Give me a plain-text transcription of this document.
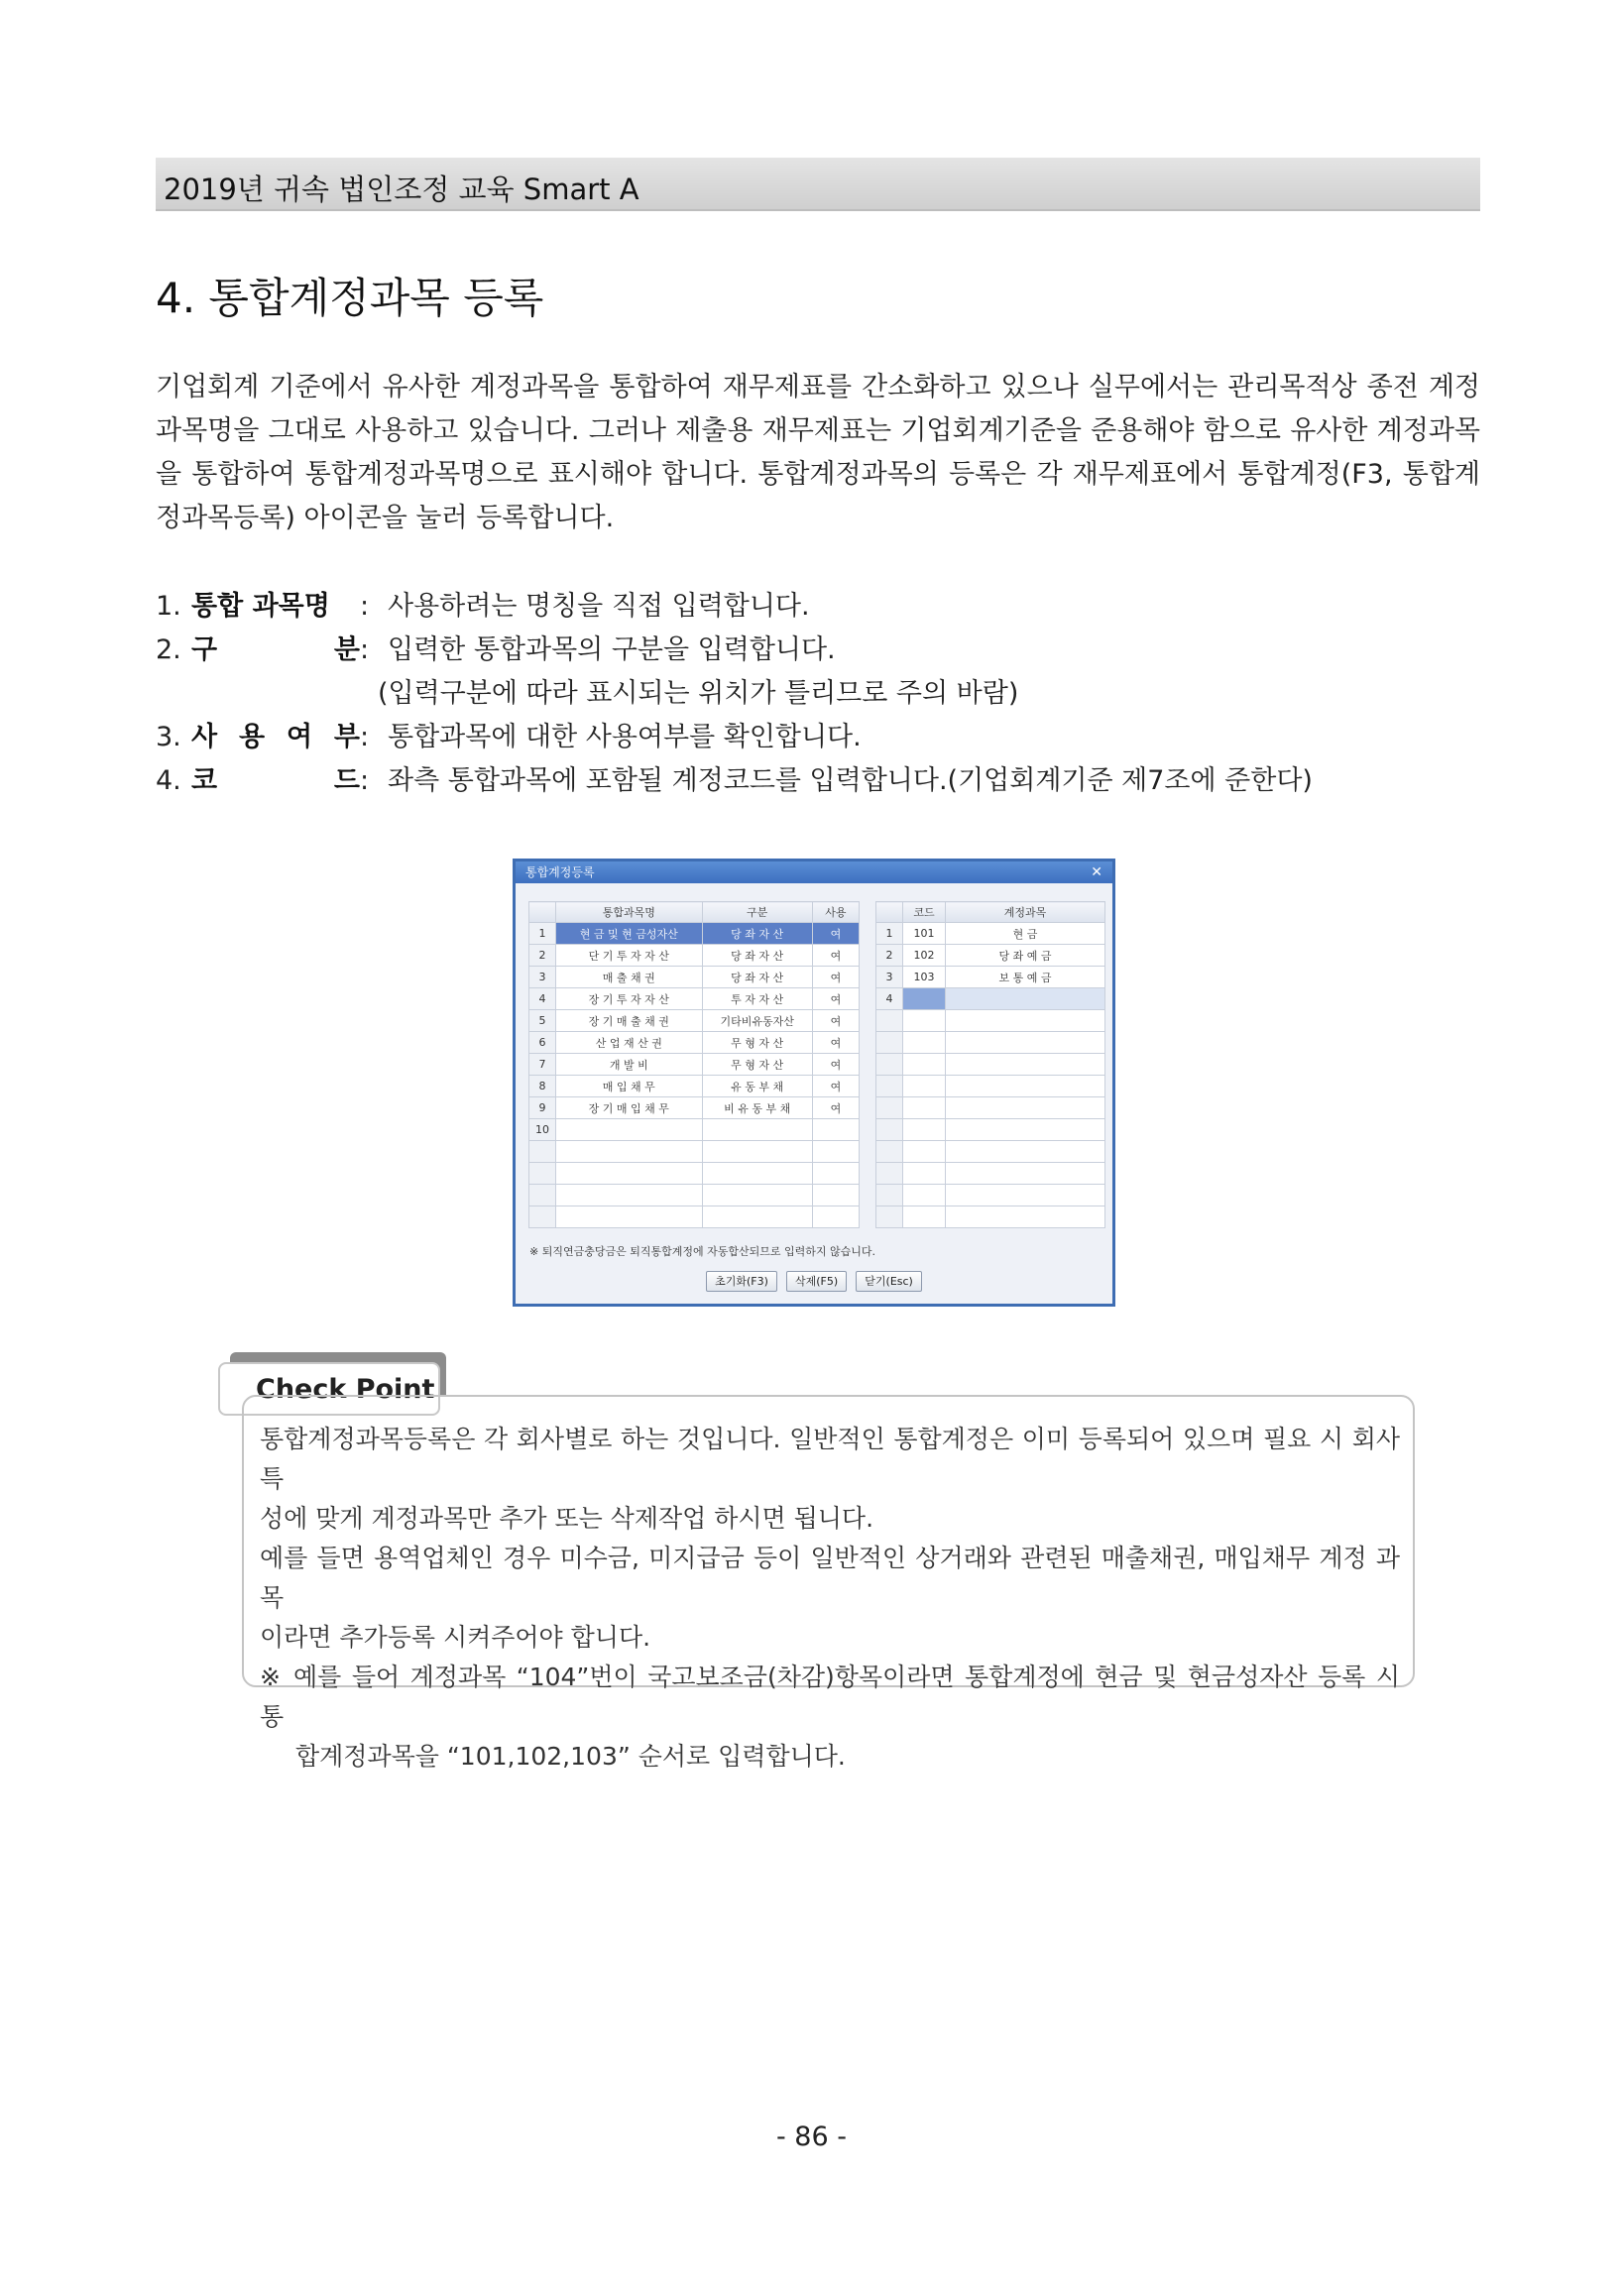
2019년 귀속 법인조정 교육 Smart A
4. 통합계정과목 등록

기업회계 기준에서 유사한 계정과목을 통합하여 재무제표를 간소화하고 있으나 실무에서는 관리목적상 종전 계정

과목명을 그대로 사용하고 있습니다. 그러나 제출용 재무제표는 기업회계기준을 준용해야 함으로 유사한 계정과목

을 통합하여 통합계정과목명으로 표시해야 합니다. 통합계정과목의 등록은 각 재무제표에서 통합계정(F3, 통합계

정과목등록) 아이콘을 눌러 등록합니다.

1. 통합 과목명 : 사용하려는 명칭을 직접 입력합니다.
2. 구	분 : 입력한 통합과목의 구분을 입력합니다.
(입력구분에 따라 표시되는 위치가 틀리므로 주의 바람)
3. 사 용 여 부 : 통합과목에 대한 사용여부를 확인합니다.
4. 코	드 : 좌측 통합과목에 포함될 계정코드를 입력합니다.(기업회계기준 제7조에 준한다)
통합계정등록	✕
	통합과목명	구분	사용
1	현 금 및 현 금성자산	당 좌 자 산	여
2	단 기 투 자 자 산	당 좌 자 산	여
3	매 출 채 권	당 좌 자 산	여
4	장 기 투 자 자 산	투 자 자 산	여
5	장 기 매 출 채 권	기타비유동자산	여
6	산 업 재 산 권	무 형 자 산	여
7	개 발 비	무 형 자 산	여
8	매 입 채 무	유 동 부 채	여
9	장 기 매 입 채 무	비 유 동 부 채	여
10			

	코드	계정과목
1	101	현 금
2	102	당 좌 예 금
3	103	보 통 예 금
4		

※ 퇴직연금충당금은 퇴직통합계정에 자동합산되므로 입력하지 않습니다.
초기화(F3) 삭제(F5) 닫기(Esc)
Check Point

통합계정과목등록은 각 회사별로 하는 것입니다. 일반적인 통합계정은 이미 등록되어 있으며 필요 시 회사 특

성에 맞게 계정과목만 추가 또는 삭제작업 하시면 됩니다.

예를 들면 용역업체인 경우 미수금, 미지급금 등이 일반적인 상거래와 관련된 매출채권, 매입채무 계정 과목

이라면 추가등록 시켜주어야 합니다.

※ 예를 들어 계정과목 “104”번이 국고보조금(차감)항목이라면 통합계정에 현금 및 현금성자산 등록 시 통

합계정과목을 “101,102,103” 순서로 입력합니다.

- 86 -
